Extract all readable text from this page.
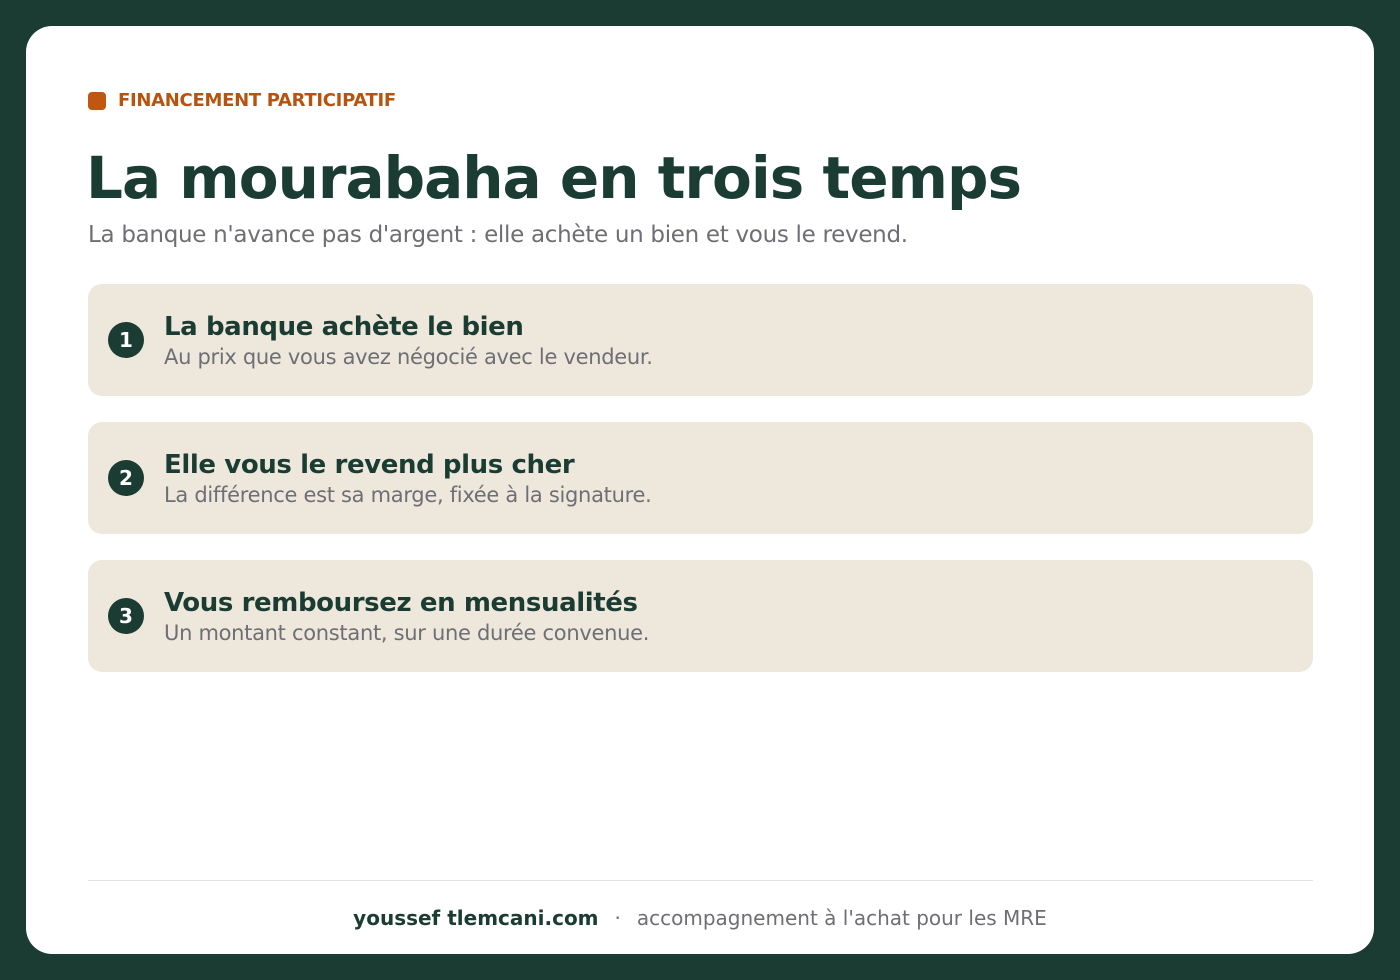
FINANCEMENT PARTICIPATIF
La mourabaha en trois temps

La banque n'avance pas d'argent : elle achète un bien et vous le revend.

1	La banque achète le bien
Au prix que vous avez négocié avec le vendeur.
2	Elle vous le revend plus cher
La différence est sa marge, fixée à la signature.
3	Vous remboursez en mensualités
Un montant constant, sur une durée convenue.
youssef tlemcani.com · accompagnement à l'achat pour les MRE
